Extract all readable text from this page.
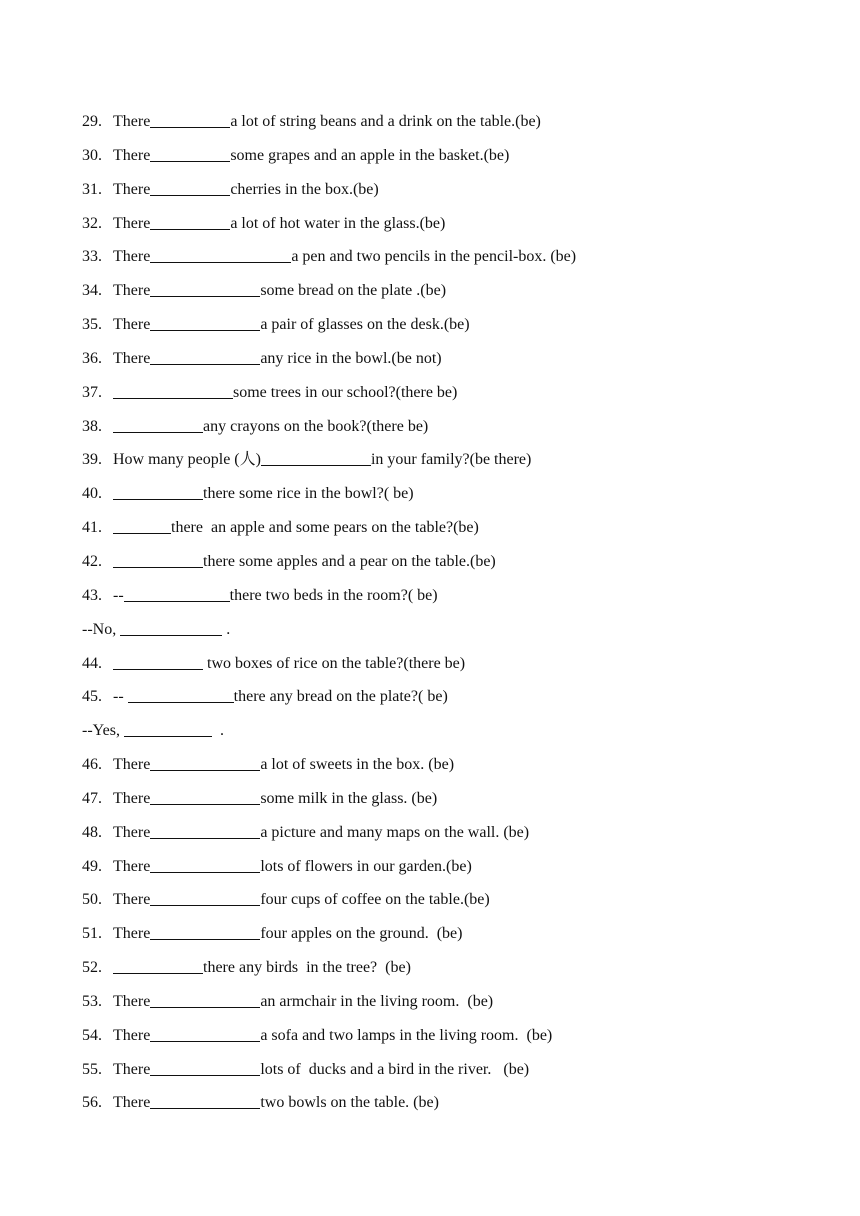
29. There	a lot of string beans and a drink on the table.(be)
30. There	some grapes and an apple in the basket.(be)
31. There	cherries in the box.(be)
32. There	a lot of hot water in the glass.(be)
33. There	a pen and two pencils in the pencil-box. (be)
34. There	some bread on the plate .(be)
35. There	a pair of glasses on the desk.(be)
36. There	any rice in the bowl.(be not)
37.	some trees in our school?(there be)
38.	any crayons on the book?(there be)
39. How many people (人)	in your family?(be there)
40.	there some rice in the bowl?( be)
41.	there  an apple and some pears on the table?(be)
42.	there some apples and a pear on the table.(be)
43. --	there two beds in the room?( be)
--No,	.
44.	two boxes of rice on the table?(there be)
45. --	there any bread on the plate?( be)
--Yes,	.
46. There	a lot of sweets in the box. (be)
47. There	some milk in the glass. (be)
48. There	a picture and many maps on the wall. (be)
49. There	lots of flowers in our garden.(be)
50. There	four cups of coffee on the table.(be)
51. There	four apples on the ground.  (be)
52.	there any birds  in the tree?  (be)
53. There	an armchair in the living room.  (be)
54. There	a sofa and two lamps in the living room.  (be)
55. There	lots of  ducks and a bird in the river.   (be)
56. There	two bowls on the table. (be)
